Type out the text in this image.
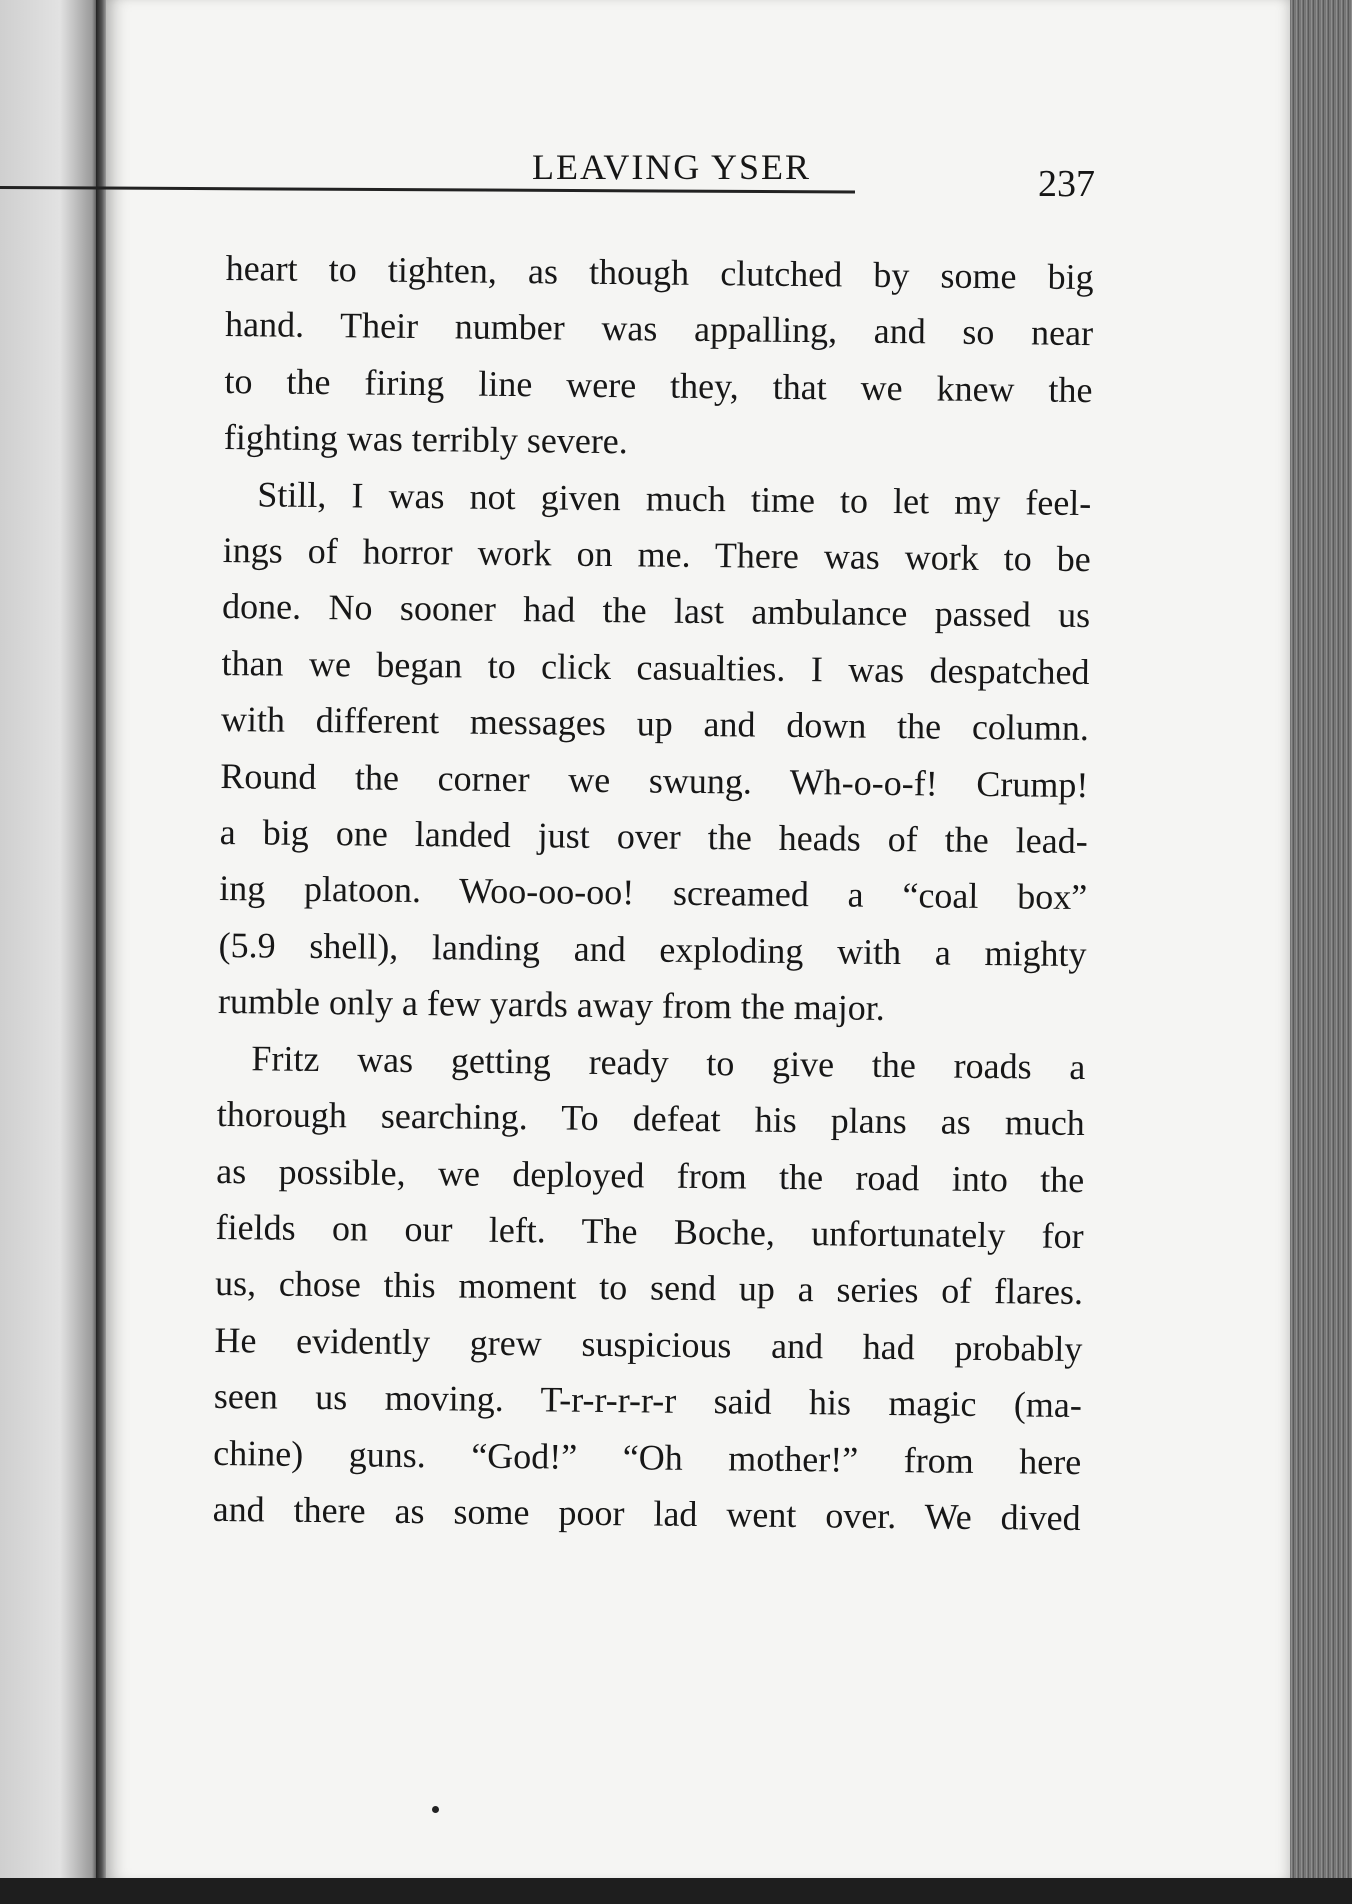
LEAVING YSER	237

heart to tighten, as though clutched by some big
hand. Their number was appalling, and so near
to the firing line were they, that we knew the
fighting was terribly severe.

Still, I was not given much time to let my feel-
ings of horror work on me. There was work to be
done. No sooner had the last ambulance passed us
than we began to click casualties. I was despatched
with different messages up and down the column.
Round the corner we swung. Wh-o-o-f! Crump!
a big one landed just over the heads of the lead-
ing platoon. Woo-oo-oo! screamed a “coal box”
(5.9 shell), landing and exploding with a mighty
rumble only a few yards away from the major.

Fritz was getting ready to give the roads a
thorough searching. To defeat his plans as much
as possible, we deployed from the road into the
fields on our left. The Boche, unfortunately for
us, chose this moment to send up a series of flares.
He evidently grew suspicious and had probably
seen us moving. T-r-r-r-r-r said his magic (ma-
chine) guns. “God!” “Oh mother!” from here
and there as some poor lad went over. We dived
